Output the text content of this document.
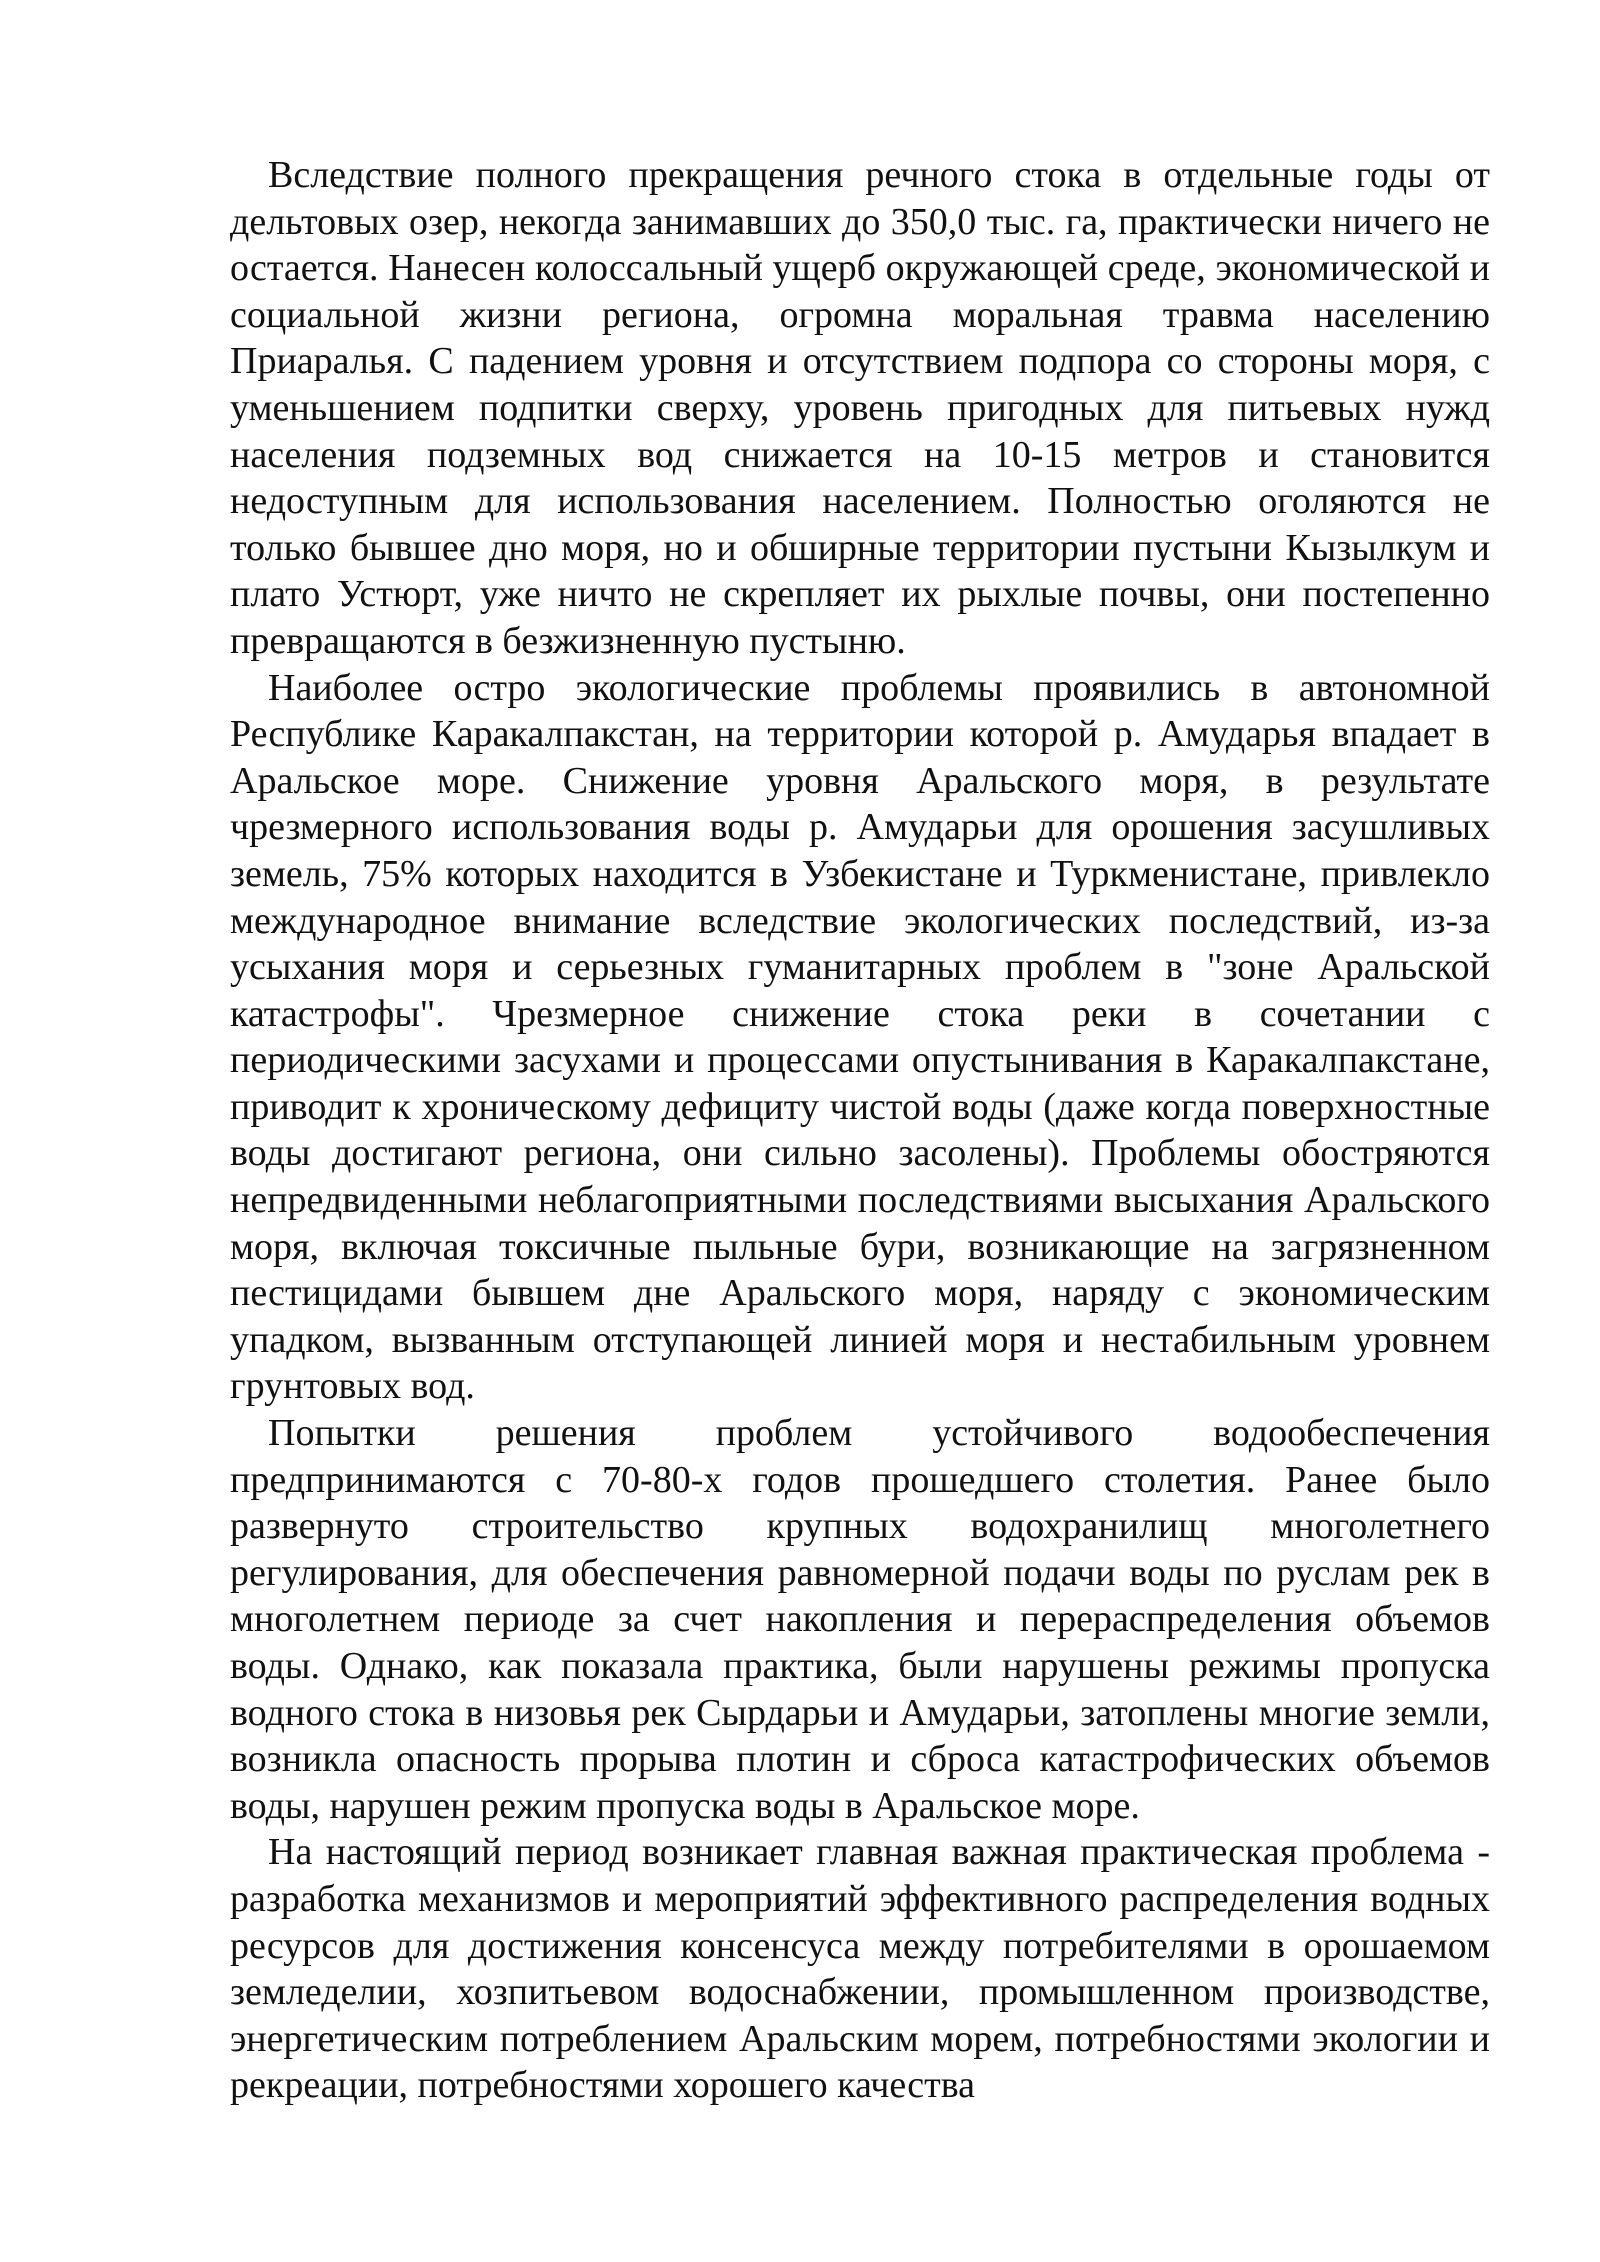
Вследствие полного прекращения речного стока в отдельные годы от дельтовых озер, некогда занимавших до 350,0 тыс. га, практически ничего не остается. Нанесен колоссальный ущерб окружающей среде, экономической и социальной жизни региона, огромна моральная травма населению Приаралья. С падением уровня и отсутствием подпора со стороны моря, с уменьшением подпитки сверху, уровень пригодных для питьевых нужд населения подземных вод снижается на 10-15 метров и становится недоступным для использования населением. Полностью оголяются не только бывшее дно моря, но и обширные территории пустыни Кызылкум и плато Устюрт, уже ничто не скрепляет их рыхлые почвы, они постепенно превращаются в безжизненную пустыню.

Наиболее остро экологические проблемы проявились в автономной Республике Каракалпакстан, на территории которой р. Амударья впадает в Аральское море. Снижение уровня Аральского моря, в результате чрезмерного использования воды р. Амударьи для орошения засушливых земель, 75% которых находится в Узбекистане и Туркменистане, привлекло международное внимание вследствие экологических последствий, из-за усыхания моря и серьезных гуманитарных проблем в "зоне Аральской катастрофы". Чрезмерное снижение стока реки в сочетании с периодическими засухами и процессами опустынивания в Каракалпакстане, приводит к хроническому дефициту чистой воды (даже когда поверхностные воды достигают региона, они сильно засолены). Проблемы обостряются непредвиденными неблагоприятными последствиями высыхания Аральского моря, включая токсичные пыльные бури, возникающие на загрязненном пестицидами бывшем дне Аральского моря, наряду с экономическим упадком, вызванным отступающей линией моря и нестабильным уровнем грунтовых вод.

Попытки решения проблем устойчивого водообеспечения предпринимаются с 70-80-х годов прошедшего столетия. Ранее было развернуто строительство крупных водохранилищ многолетнего регулирования, для обеспечения равномерной подачи воды по руслам рек в многолетнем периоде за счет накопления и перераспределения объемов воды. Однако, как показала практика, были нарушены режимы пропуска водного стока в низовья рек Сырдарьи и Амударьи, затоплены многие земли, возникла опасность прорыва плотин и сброса катастрофических объемов воды, нарушен режим пропуска воды в Аральское море.

На настоящий период возникает главная важная практическая проблема - разработка механизмов и мероприятий эффективного распределения водных ресурсов для достижения консенсуса между потребителями в орошаемом земледелии, хозпитьевом водоснабжении, промышленном производстве, энергетическим потреблением Аральским морем, потребностями экологии и рекреации, потребностями хорошего качества
